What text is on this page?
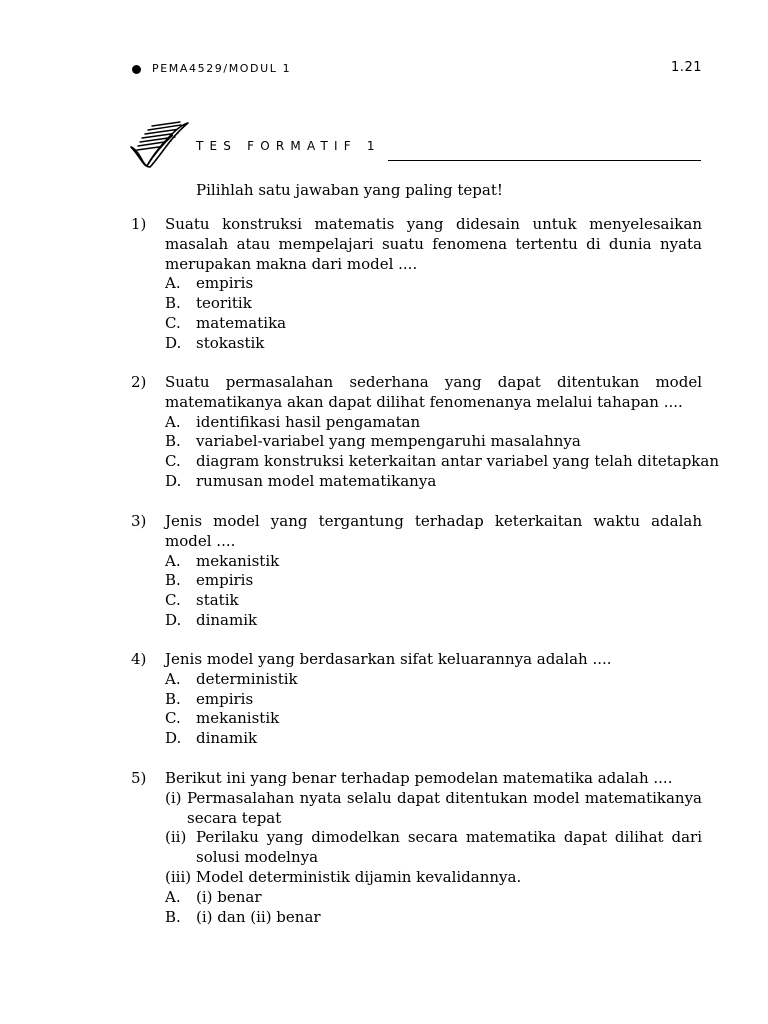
PEMA4529/MODUL 1	1.21
TES FORMATIF 1
Pilihlah satu jawaban yang paling tepat!
1) Suatu konstruksi matematis yang didesain untuk menyelesaikan masalah atau mempelajari suatu fenomena tertentu di dunia nyata merupakan makna dari model ....
A. empiris
B. teoritik
C. matematika
D. stokastik
2) Suatu permasalahan sederhana yang dapat ditentukan model
matematikanya akan dapat dilihat fenomenanya melalui tahapan ....
A. identifikasi hasil pengamatan
B. variabel-variabel yang mempengaruhi masalahnya
C. diagram konstruksi keterkaitan antar variabel yang telah ditetapkan
D. rumusan model matematikanya
3) Jenis model yang tergantung terhadap keterkaitan waktu adalah
model ....
A. mekanistik
B. empiris
C. statik
D. dinamik
4) Jenis model yang berdasarkan sifat keluarannya adalah ....
A. deterministik
B. empiris
C. mekanistik
D. dinamik
5) Berikut ini yang benar terhadap pemodelan matematika adalah ....
(i) Permasalahan nyata selalu dapat ditentukan model matematikanya secara tepat
(ii) Perilaku yang dimodelkan secara matematika dapat dilihat dari solusi modelnya
(iii) Model deterministik dijamin kevalidannya.
A. (i) benar
B. (i) dan (ii) benar
